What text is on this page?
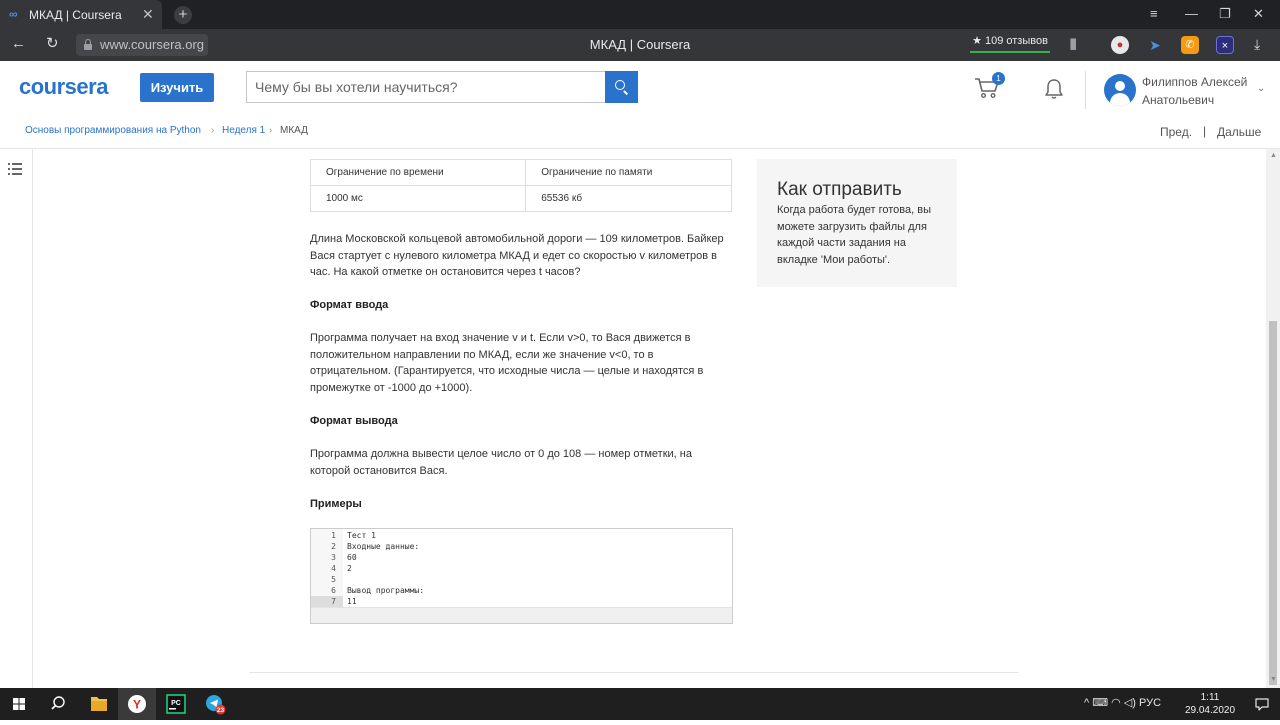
∞ МКАД | Coursera ✕	+	≡ — ❐ ✕
← ↻	www.coursera.org	МКАД | Coursera	★ 109 отзывов ▮	●	➤	✆	×	⤓
coursera	Изучить
Чему бы вы хотели научиться?
1	Филиппов Алексей Анатольевич
⌄
Основы программирования на Python › Неделя 1 › МКАД	Пред. | Дальше
Ограничение по времени	Ограничение по памяти
1000 мс	65536 кб

Длина Московской кольцевой автомобильной дороги — 109 километров. Байкер Вася стартует с нулевого километра МКАД и едет со скоростью v километров в час. На какой отметке он остановится через t часов?

Формат ввода

Программа получает на вход значение v и t. Если v>0, то Вася движется в положительном направлении по МКАД, если же значение v<0, то в отрицательном. (Гарантируется, что исходные числа — целые и находятся в промежутке от -1000 до +1000).

Формат вывода

Программа должна вывести целое число от 0 до 108 — номер отметки, на которой остановится Вася.

Примеры
1 Тест 1
2 Входные данные:
3 60
4 2
5
6 Вывод программы:
7	11
Как отправить

Когда работа будет готова, вы можете загрузить файлы для каждой части задания на вкладке 'Мои работы'.

▲
▼
Y	PC
23
^ ⌨ ◠ ◁) РУС	1:11
29.04.2020
